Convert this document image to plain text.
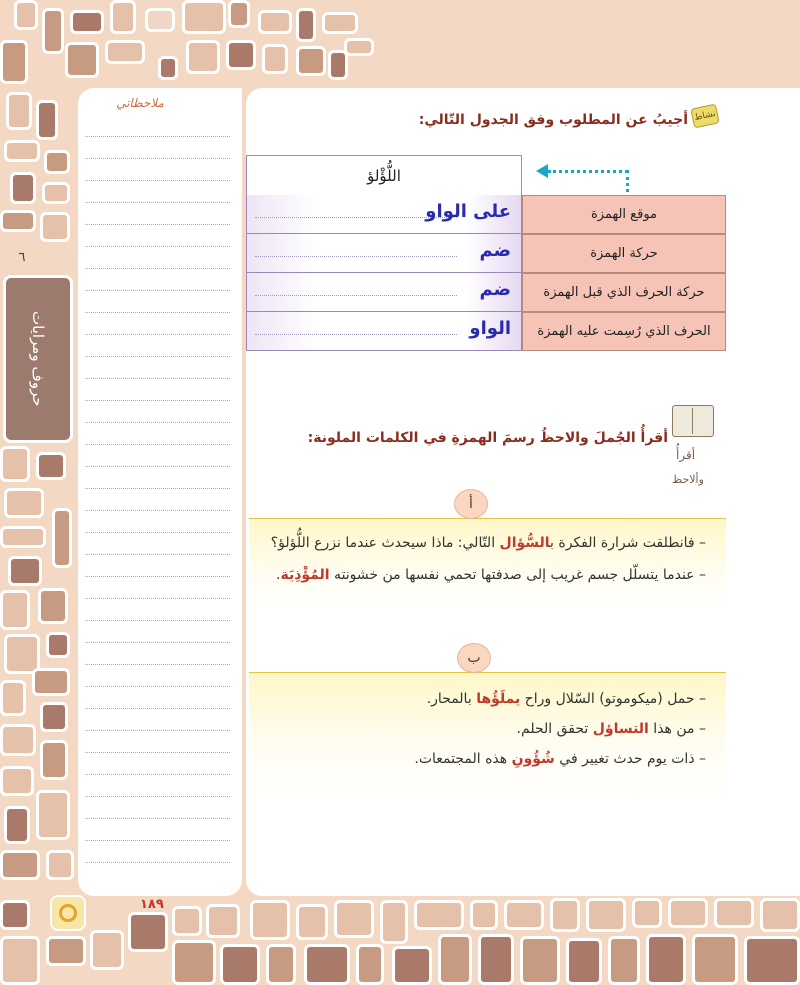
ملاحظاتي
٦
حروف ومرايات
نشاط
أجيبُ عن المطلوب وفق الجدول التّالي:
اللُّؤْلؤ
على الواو	موقع الهمزة
ضم	حركة الهمزة
ضم	حركة الحرف الذي قبل الهمزة
الواو	الحرف الذي رُسِمت عليه الهمزة
أقرأُ الجُملَ والاحظُ رسمَ الهمزةِ في الكلمات الملونة:
أقرأُ
وألاحظ
– فانطلقت شرارة الفكرة بالسُّؤال التّالي: ماذا سيحدث عندما نزرع اللُّؤلؤ؟
– عندما يتسلّل جسم غريب إلى صدفتها تحمي نفسها من خشونته المُؤْذِيَة.
أ
– حمل (ميكوموتو) السّلال وراح يملَؤُها بالمحار.
– من هذا التساؤل تحقق الحلم.
– ذات يوم حدث تغيير في شُؤُونِ هذه المجتمعات.
ب
١٨٩
